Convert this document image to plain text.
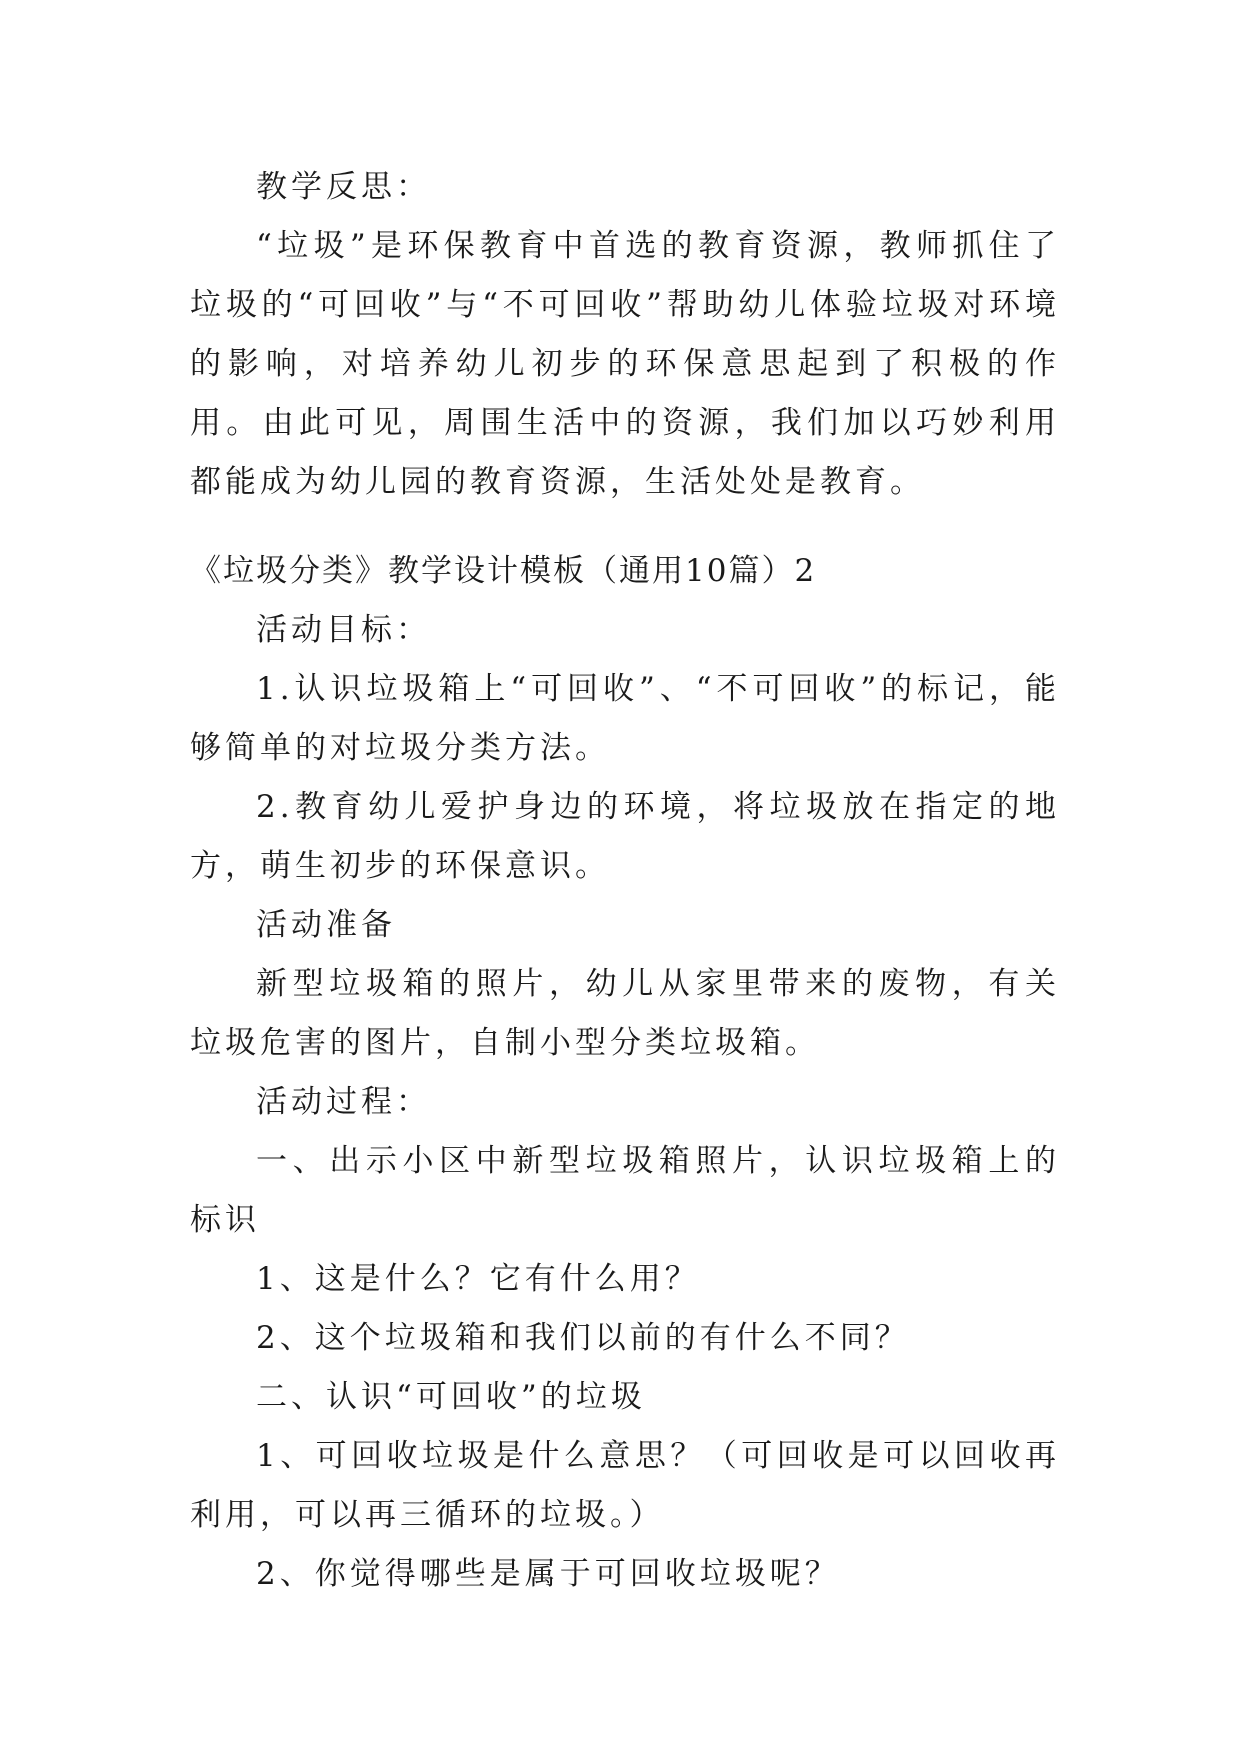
教学反思：

“垃圾”是环保教育中首选的教育资源，教师抓住了垃圾的“可回收”与“不可回收”帮助幼儿体验垃圾对环境的影响，对培养幼儿初步的环保意思起到了积极的作用。由此可见，周围生活中的资源，我们加以巧妙利用都能成为幼儿园的教育资源，生活处处是教育。

《垃圾分类》教学设计模板（通用10篇）2

活动目标：

1.认识垃圾箱上“可回收”、“不可回收”的标记，能够简单的对垃圾分类方法。

2.教育幼儿爱护身边的环境，将垃圾放在指定的地方，萌生初步的环保意识。

活动准备

新型垃圾箱的照片，幼儿从家里带来的废物，有关垃圾危害的图片，自制小型分类垃圾箱。

活动过程：

一、出示小区中新型垃圾箱照片，认识垃圾箱上的标识

1、这是什么？它有什么用？

2、这个垃圾箱和我们以前的有什么不同？

二、认识“可回收”的垃圾

1、可回收垃圾是什么意思？（可回收是可以回收再利用，可以再三循环的垃圾。）

2、你觉得哪些是属于可回收垃圾呢？
